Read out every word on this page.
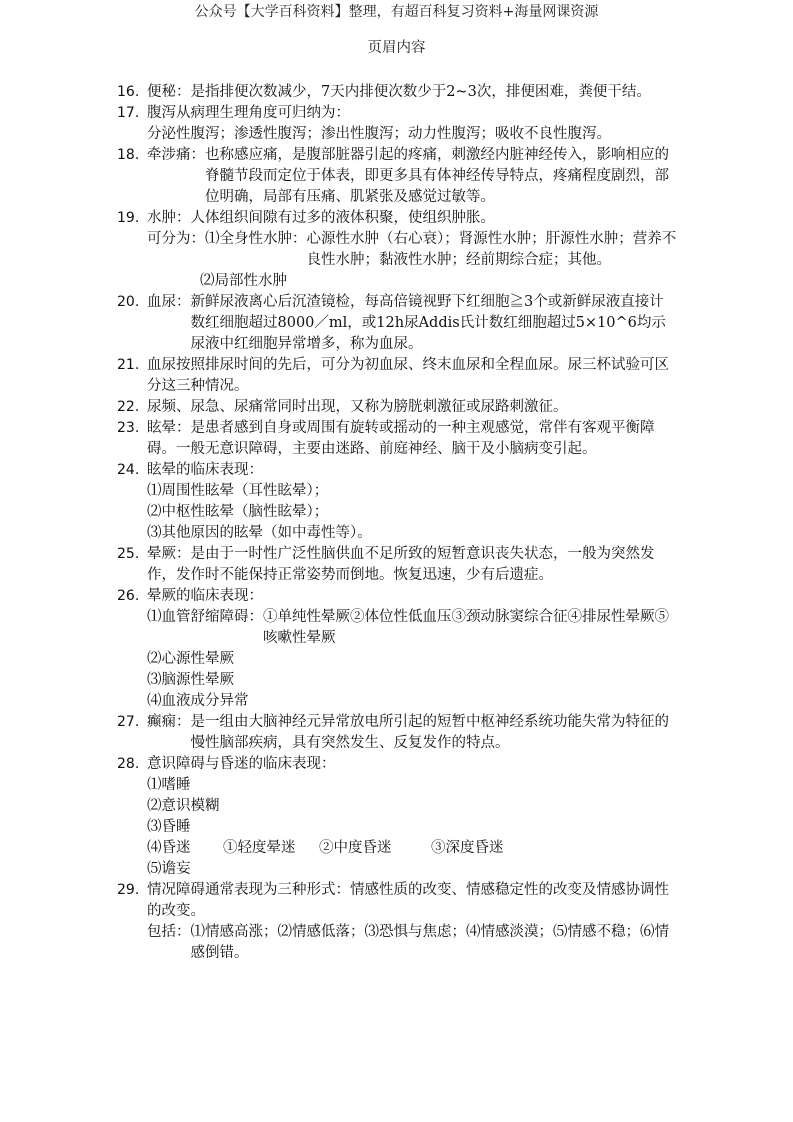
公众号【大学百科资料】整理，有超百科复习资料+海量网课资源
页眉内容
16. 便秘： 是指排便次数减少，7天内排便次数少于2~3次，排便困难，粪便干结。
17. 腹泻从病理生理角度可归纳为：
分泌性腹泻；渗透性腹泻；渗出性腹泻；动力性腹泻；吸收不良性腹泻。
18. 牵涉痛： 也称感应痛，是腹部脏器引起的疼痛，刺激经内脏神经传入，影响相应的脊髓节段而定位于体表，即更多具有体神经传导特点，疼痛程度剧烈，部位明确，局部有压痛、肌紧张及感觉过敏等。
19. 水肿：人体组织间隙有过多的液体积聚，使组织肿胀。
可分为：⑴全身性水肿： 心源性水肿（右心衰）；肾源性水肿；肝源性水肿；营养不良性水肿；黏液性水肿；经前期综合症；其他。
⑵局部性水肿
20. 血尿： 新鲜尿液离心后沉渣镜检，每高倍镜视野下红细胞≧3个或新鲜尿液直接计数红细胞超过8000／ml，或12h尿Addis氏计数红细胞超过5×10^6均示尿液中红细胞异常增多，称为血尿。
21. 血尿按照排尿时间的先后，可分为初血尿、终末血尿和全程血尿。尿三杯试验可区分这三种情况。
22. 尿频、尿急、尿痛常同时出现，又称为膀胱刺激征或尿路刺激征。
23. 眩晕：是患者感到自身或周围有旋转或摇动的一种主观感觉，常伴有客观平衡障碍。一般无意识障碍，主要由迷路、前庭神经、脑干及小脑病变引起。
24. 眩晕的临床表现：
⑴周围性眩晕（耳性眩晕）；
⑵中枢性眩晕（脑性眩晕）；
⑶其他原因的眩晕（如中毒性等）。
25. 晕厥：是由于一时性广泛性脑供血不足所致的短暂意识丧失状态，一般为突然发作，发作时不能保持正常姿势而倒地。恢复迅速，少有后遗症。
26. 晕厥的临床表现：
⑴血管舒缩障碍： ①单纯性晕厥②体位性低血压③颈动脉窦综合征④排尿性晕厥⑤咳嗽性晕厥
⑵心源性晕厥
⑶脑源性晕厥
⑷血液成分异常
27. 癫痫： 是一组由大脑神经元异常放电所引起的短暂中枢神经系统功能失常为特征的慢性脑部疾病，具有突然发生、反复发作的特点。
28. 意识障碍与昏迷的临床表现：
⑴嗜睡
⑵意识模糊
⑶昏睡
⑷昏迷 ①轻度晕迷 ②中度昏迷	③深度昏迷
⑸谵妄
29. 情况障碍通常表现为三种形式：情感性质的改变、情感稳定性的改变及情感协调性的改变。
包括： ⑴情感高涨；⑵情感低落；⑶恐惧与焦虑；⑷情感淡漠；⑸情感不稳；⑹情感倒错。
